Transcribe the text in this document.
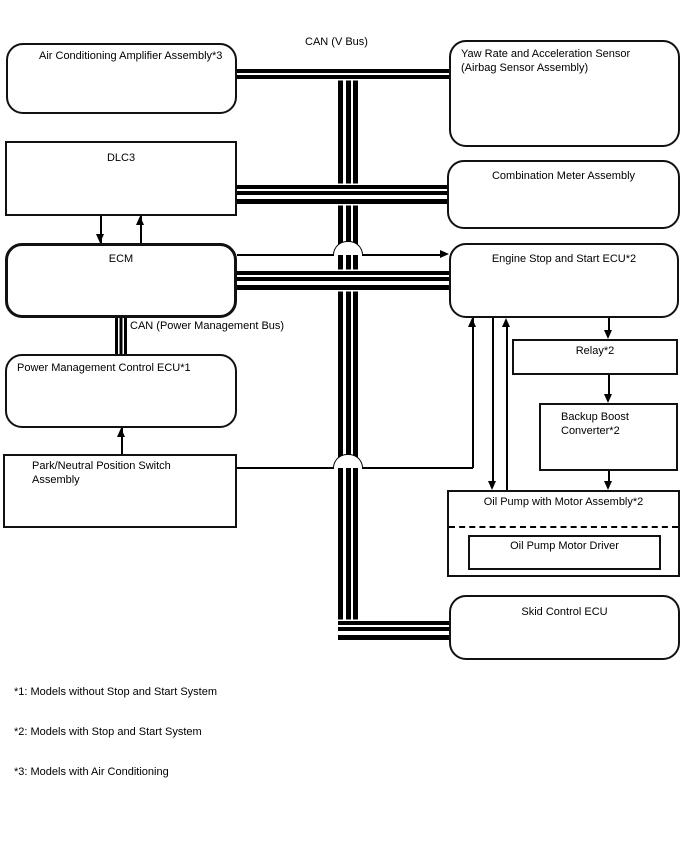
Air Conditioning Amplifier Assembly*3
DLC3
ECM
Power Management Control ECU*1
Park/Neutral Position Switch Assembly
Yaw Rate and Acceleration Sensor (Airbag Sensor Assembly)
Combination Meter Assembly
Engine Stop and Start ECU*2
Relay*2
Backup Boost Converter*2
Oil Pump with Motor Assembly*2
Oil Pump Motor Driver
Skid Control ECU
CAN (V Bus)
CAN (Power Management Bus)
*1: Models without Stop and Start System
*2: Models with Stop and Start System
*3: Models with Air Conditioning
